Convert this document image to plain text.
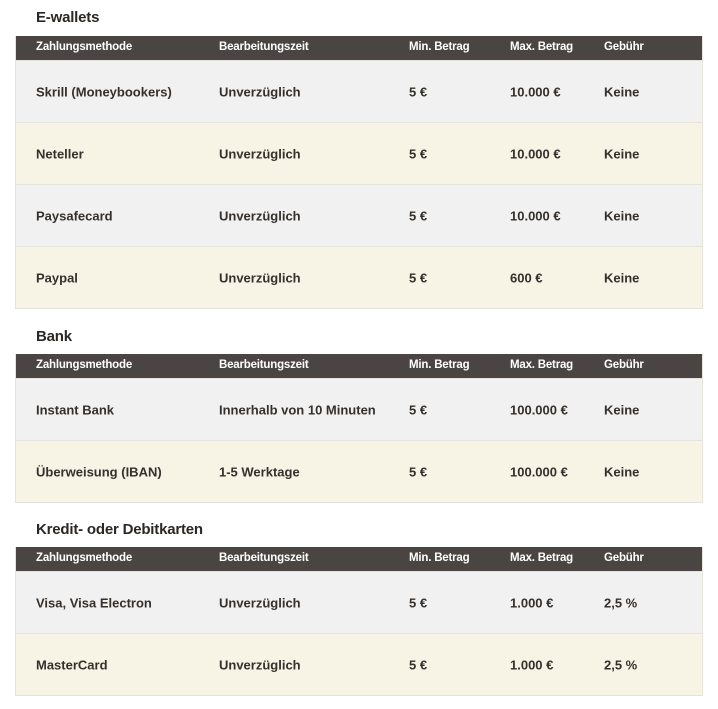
E-wallets
Zahlungsmethode	Bearbeitungszeit	Min. Betrag	Max. Betrag	Gebühr
Skrill (Moneybookers)	Unverzüglich	5 €	10.000 €	Keine
Neteller	Unverzüglich	5 €	10.000 €	Keine
Paysafecard	Unverzüglich	5 €	10.000 €	Keine
Paypal	Unverzüglich	5 €	600 €	Keine
Bank
Zahlungsmethode	Bearbeitungszeit	Min. Betrag	Max. Betrag	Gebühr
Instant Bank	Innerhalb von 10 Minuten	5 €	100.000 €	Keine
Überweisung (IBAN)	1-5 Werktage	5 €	100.000 €	Keine
Kredit- oder Debitkarten
Zahlungsmethode	Bearbeitungszeit	Min. Betrag	Max. Betrag	Gebühr
Visa, Visa Electron	Unverzüglich	5 €	1.000 €	2,5 %
MasterCard	Unverzüglich	5 €	1.000 €	2,5 %
